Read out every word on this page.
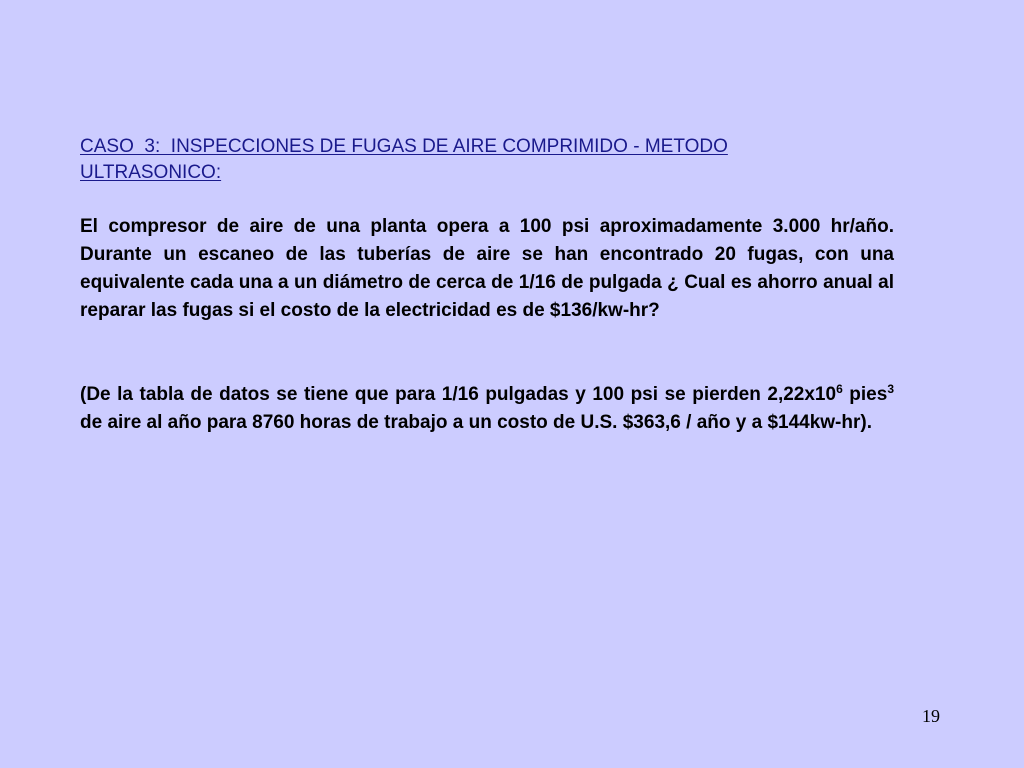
CASO  3:  INSPECCIONES DE FUGAS DE AIRE COMPRIMIDO - METODO
ULTRASONICO:

El compresor de aire de una planta opera a 100 psi aproximadamente 3.000 hr/año. Durante un escaneo de las tuberías de aire se han encontrado 20 fugas, con una equivalente cada una a un diámetro de cerca de 1/16 de pulgada ¿ Cual es ahorro anual al reparar las fugas si el costo de la electricidad es de $136/kw-hr?

(De la tabla de datos se tiene que para 1/16 pulgadas y 100 psi se pierden $2,22x10^6$ pies$^3$ de aire al año para 8760 horas de trabajo a un costo de U.S. $363,6 / año y a $144kw-hr).

19
